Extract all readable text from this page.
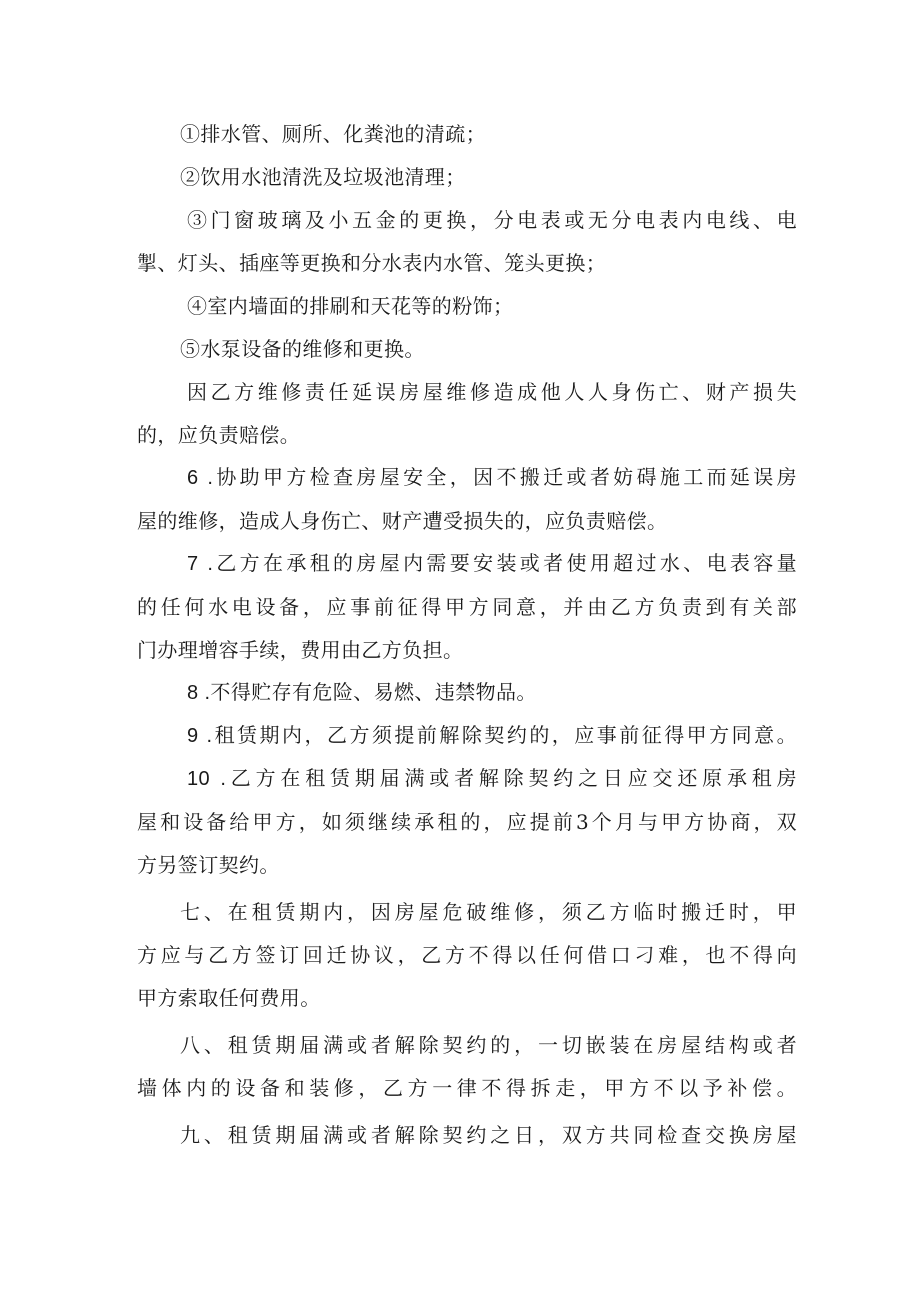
①排水管、厕所、化粪池的清疏；
②饮用水池清洗及垃圾池清理；
③门窗玻璃及小五金的更换，分电表或无分电表内电线、电
掣、灯头、插座等更换和分水表内水管、笼头更换；
④室内墙面的排刷和天花等的粉饰；
⑤水泵设备的维修和更换。
因乙方维修责任延误房屋维修造成他人人身伤亡、财产损失
的，应负责赔偿。
6 .协助甲方检查房屋安全，因不搬迁或者妨碍施工而延误房
屋的维修，造成人身伤亡、财产遭受损失的，应负责赔偿。
7 .乙方在承租的房屋内需要安装或者使用超过水、电表容量
的任何水电设备，应事前征得甲方同意，并由乙方负责到有关部
门办理增容手续，费用由乙方负担。
8 .不得贮存有危险、易燃、违禁物品。
9 .租赁期内，乙方须提前解除契约的，应事前征得甲方同意。
10 .乙方在租赁期届满或者解除契约之日应交还原承租房
屋和设备给甲方，如须继续承租的，应提前3个月与甲方协商，双
方另签订契约。
七、在租赁期内，因房屋危破维修，须乙方临时搬迁时，甲
方应与乙方签订回迁协议，乙方不得以任何借口刁难，也不得向
甲方索取任何费用。
八、租赁期届满或者解除契约的，一切嵌装在房屋结构或者
墙体内的设备和装修，乙方一律不得拆走，甲方不以予补偿。
九、租赁期届满或者解除契约之日，双方共同检查交换房屋
